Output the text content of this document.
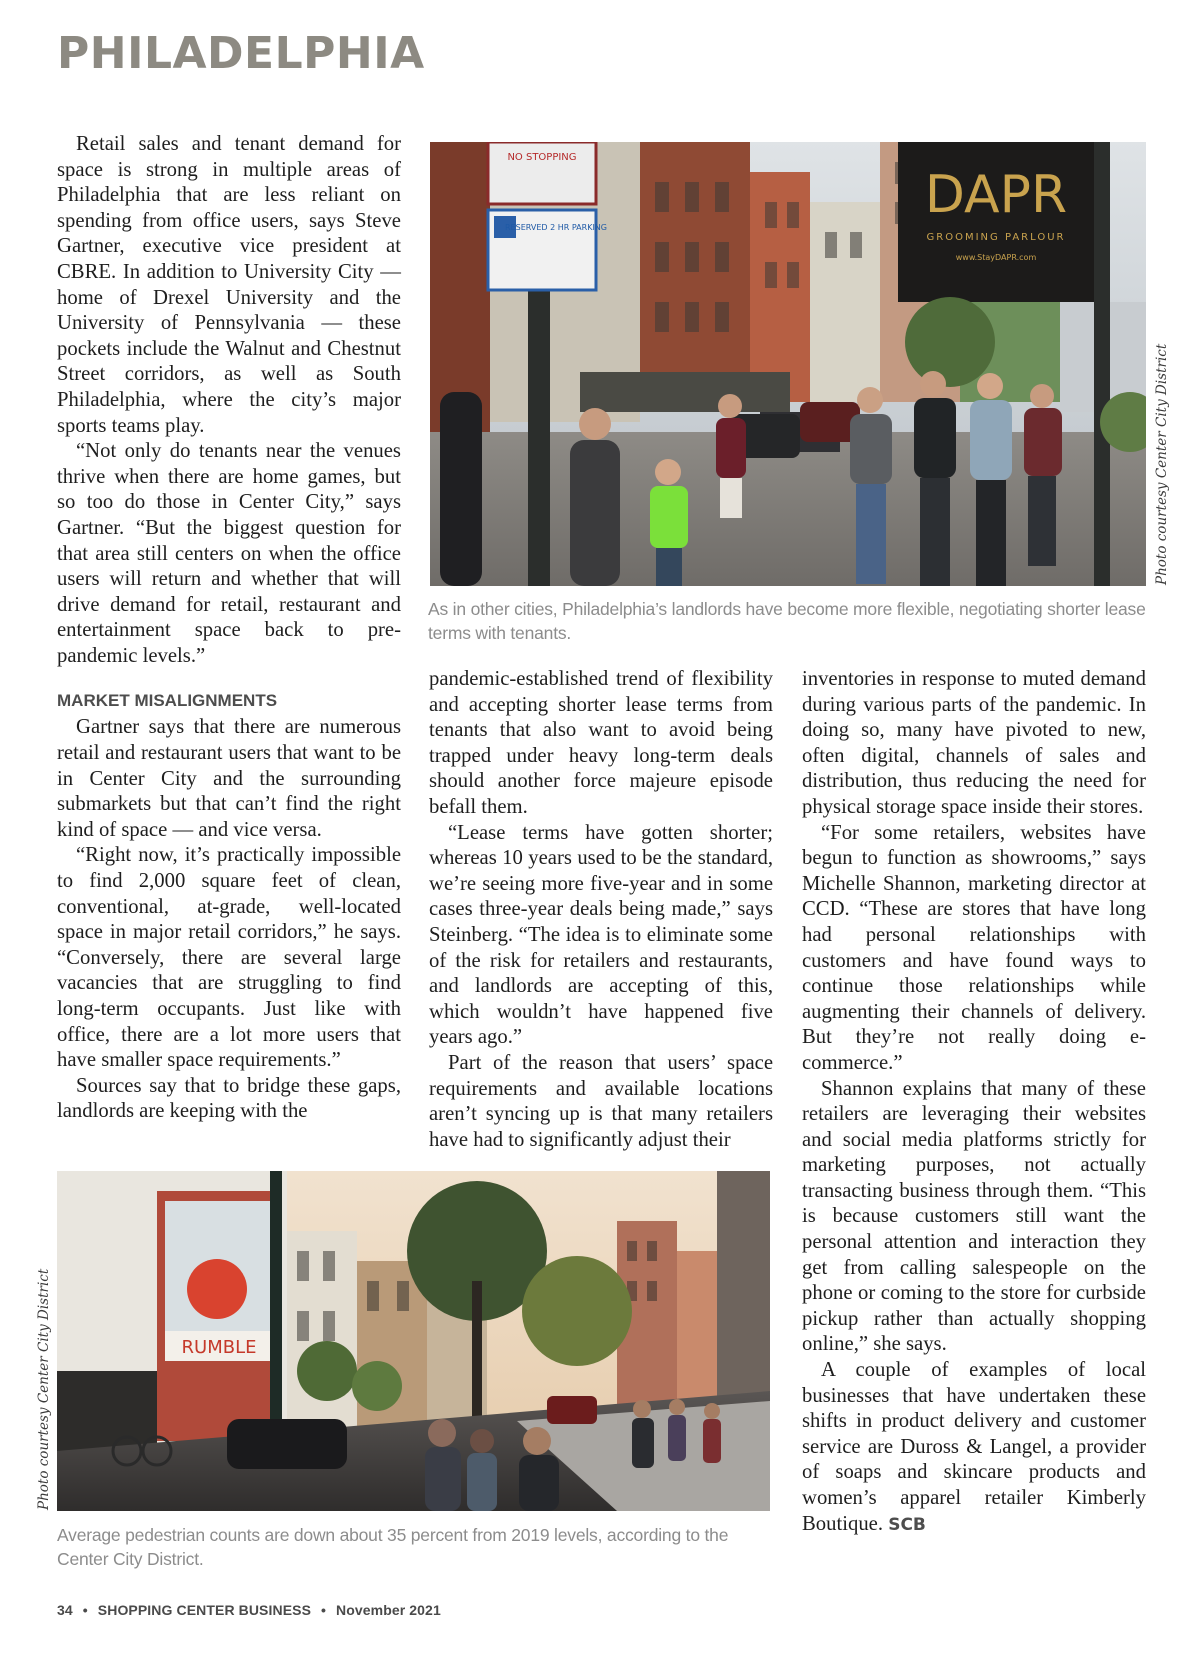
PHILADELPHIA

Retail sales and tenant demand for space is strong in multiple areas of Philadelphia that are less reliant on spending from office users, says Steve Gartner, executive vice president at CBRE. In addition to University City — home of Drexel University and the University of Pennsylvania — these pockets include the Walnut and Chestnut Street corridors, as well as South Philadelphia, where the city’s major sports teams play.

“Not only do tenants near the venues thrive when there are home games, but so too do those in Center City,” says Gartner. “But the biggest question for that area still centers on when the office users will return and whether that will drive demand for retail, restaurant and entertainment space back to pre-pandemic levels.”

MARKET MISALIGNMENTS

Gartner says that there are numerous retail and restaurant users that want to be in Center City and the surrounding submarkets but that can’t find the right kind of space — and vice versa.

“Right now, it’s practically impossible to find 2,000 square feet of clean, conventional, at-grade, well-located space in major retail corridors,” he says. “Conversely, there are several large vacancies that are struggling to find long-term occupants. Just like with office, there are a lot more users that have smaller space requirements.”

Sources say that to bridge these gaps, landlords are keeping with the

NO STOPPING
RESERVED 2 HR PARKING
DAPR
GROOMING PARLOUR
www.StayDAPR.com
Photo courtesy Center City District
As in other cities, Philadelphia’s landlords have become more flexible, negotiating shorter lease terms with tenants.

pandemic-established trend of flexibility and accepting shorter lease terms from tenants that also want to avoid being trapped under heavy long-term deals should another force majeure episode befall them.

“Lease terms have gotten shorter; whereas 10 years used to be the standard, we’re seeing more five-year and in some cases three-year deals being made,” says Steinberg. “The idea is to eliminate some of the risk for retailers and restaurants, and landlords are accepting of this, which wouldn’t have happened five years ago.”

Part of the reason that users’ space requirements and available locations aren’t syncing up is that many retailers have had to significantly adjust their

inventories in response to muted demand during various parts of the pandemic. In doing so, many have pivoted to new, often digital, channels of sales and distribution, thus reducing the need for physical storage space inside their stores.

“For some retailers, websites have begun to function as showrooms,” says Michelle Shannon, marketing director at CCD. “These are stores that have long had personal relationships with customers and have found ways to continue those relationships while augmenting their channels of delivery. But they’re not really doing e-commerce.”

Shannon explains that many of these retailers are leveraging their websites and social media platforms strictly for marketing purposes, not actually transacting business through them. “This is because customers still want the personal attention and interaction they get from calling salespeople on the phone or coming to the store for curbside pickup rather than actually shopping online,” she says.

A couple of examples of local businesses that have undertaken these shifts in product delivery and customer service are Duross & Langel, a provider of soaps and skincare products and women’s apparel retailer Kimberly Boutique. SCB

RUMBLE
Photo courtesy Center City District
Average pedestrian counts are down about 35 percent from 2019 levels, according to the Center City District.
34 • SHOPPING CENTER BUSINESS • November 2021
